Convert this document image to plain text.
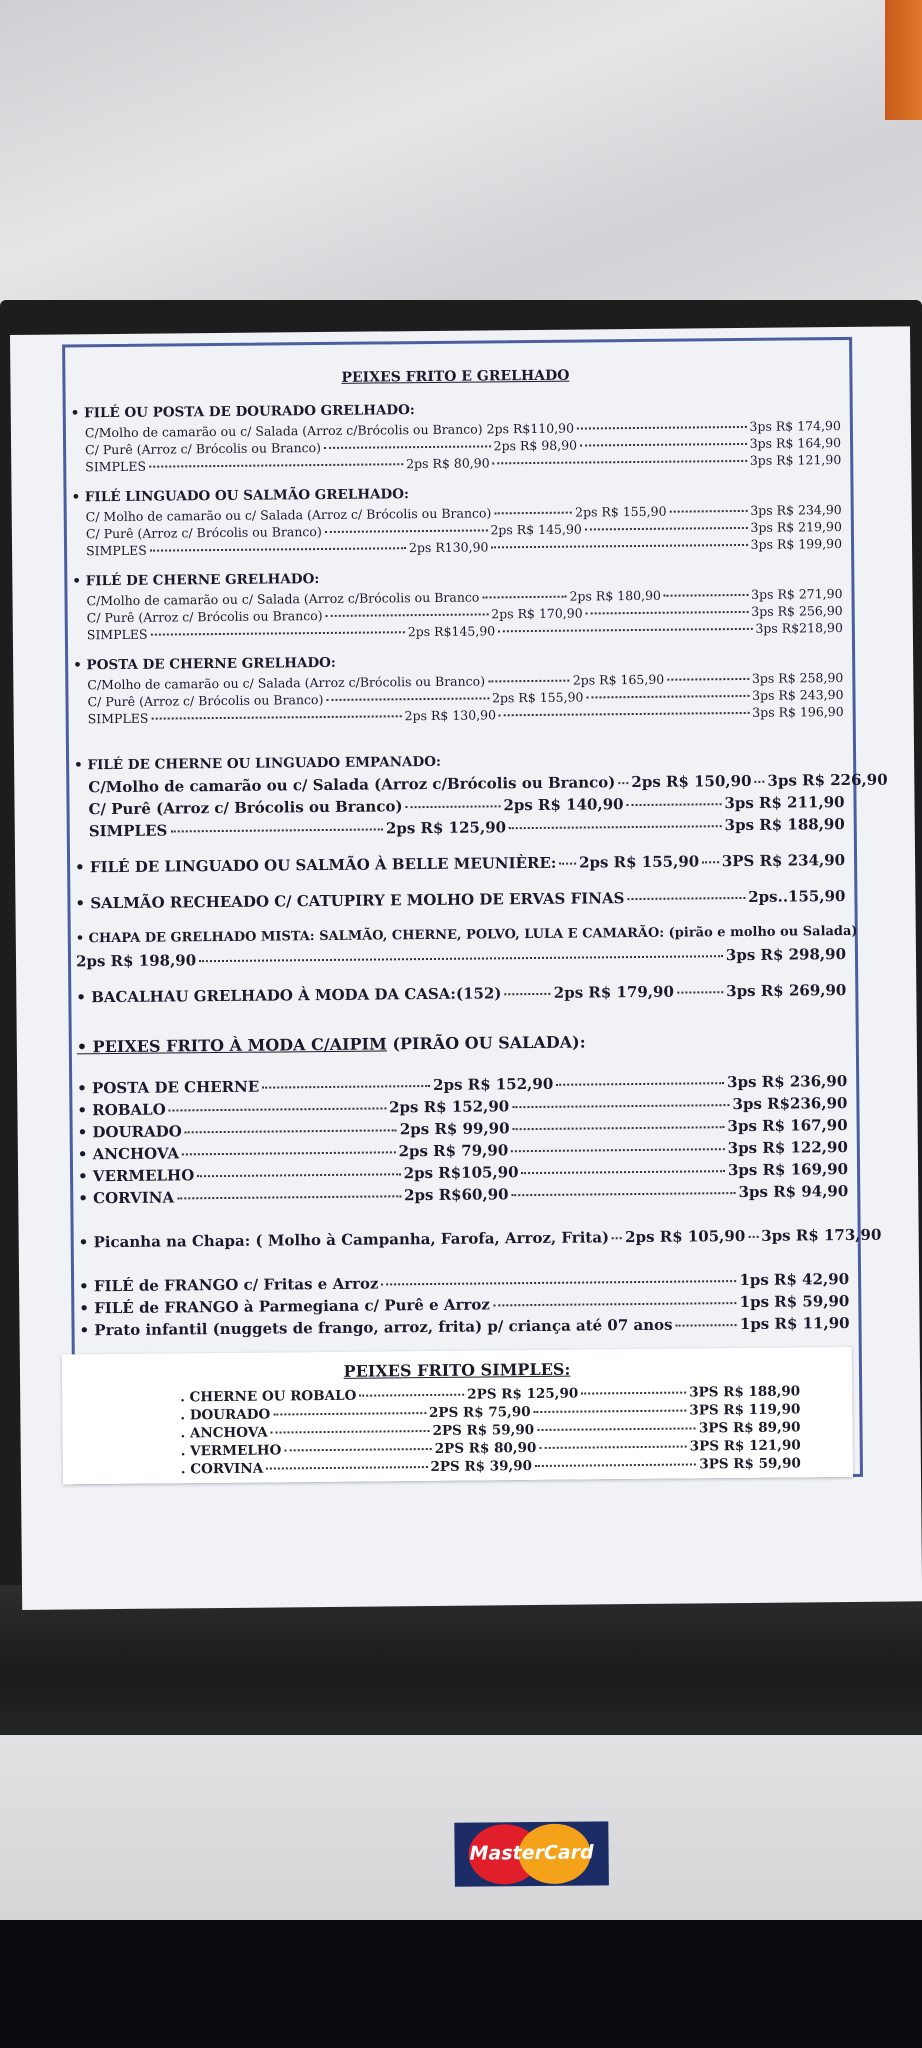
PEIXES FRITO E GRELHADO
• FILÉ OU POSTA DE DOURADO GRELHADO:
C/Molho de camarão ou c/ Salada (Arroz c/Brócolis ou Branco) 2ps R$110,90	3ps R$ 174,90
C/ Purê (Arroz c/ Brócolis ou Branco)	2ps R$ 98,90	3ps R$ 164,90
SIMPLES	2ps R$ 80,90	3ps R$ 121,90
• FILÉ LINGUADO OU SALMÃO GRELHADO:
C/ Molho de camarão ou c/ Salada (Arroz c/ Brócolis ou Branco)	2ps R$ 155,90	3ps R$ 234,90
C/ Purê (Arroz c/ Brócolis ou Branco)	2ps R$ 145,90	3ps R$ 219,90
SIMPLES	2ps R130,90	3ps R$ 199,90
• FILÉ DE CHERNE GRELHADO:
C/Molho de camarão ou c/ Salada (Arroz c/Brócolis ou Branco	2ps R$ 180,90	3ps R$ 271,90
C/ Purê (Arroz c/ Brócolis ou Branco)	2ps R$ 170,90	3ps R$ 256,90
SIMPLES	2ps R$145,90	3ps R$218,90
• POSTA DE CHERNE GRELHADO:
C/Molho de camarão ou c/ Salada (Arroz c/Brócolis ou Branco)	2ps R$ 165,90	3ps R$ 258,90
C/ Purê (Arroz c/ Brócolis ou Branco)	2ps R$ 155,90	3ps R$ 243,90
SIMPLES	2ps R$ 130,90	3ps R$ 196,90
• FILÉ DE CHERNE OU LINGUADO EMPANADO:
C/Molho de camarão ou c/ Salada (Arroz c/Brócolis ou Branco) 2ps R$ 150,90 3ps R$ 226,90
C/ Purê (Arroz c/ Brócolis ou Branco)	2ps R$ 140,90	3ps R$ 211,90
SIMPLES	2ps R$ 125,90	3ps R$ 188,90
• FILÉ DE LINGUADO OU SALMÃO À BELLE MEUNIÈRE: 2ps R$ 155,90 3PS R$ 234,90
• SALMÃO RECHEADO C/ CATUPIRY E MOLHO DE ERVAS FINAS	2ps..155,90
• CHAPA DE GRELHADO MISTA: SALMÃO, CHERNE, POLVO, LULA E CAMARÃO: (pirão e molho ou Salada)
2ps R$ 198,90	3ps R$ 298,90
• BACALHAU GRELHADO À MODA DA CASA:(152)	2ps R$ 179,90	3ps R$ 269,90
• PEIXES FRITO À MODA C/AIPIM (PIRÃO OU SALADA):
• POSTA DE CHERNE	2ps R$ 152,90	3ps R$ 236,90
• ROBALO	2ps R$ 152,90	3ps R$236,90
• DOURADO	2ps R$ 99,90	3ps R$ 167,90
• ANCHOVA	2ps R$ 79,90	3ps R$ 122,90
• VERMELHO	2ps R$105,90	3ps R$ 169,90
• CORVINA	2ps R$60,90	3ps R$ 94,90
• Picanha na Chapa: ( Molho à Campanha, Farofa, Arroz, Frita) 2ps R$ 105,90 3ps R$ 173,90
• FILÉ de FRANGO c/ Fritas e Arroz	1ps R$ 42,90
• FILÉ de FRANGO à Parmegiana c/ Purê e Arroz	1ps R$ 59,90
• Prato infantil (nuggets de frango, arroz, frita) p/ criança até 07 anos	1ps R$ 11,90
PEIXES FRITO SIMPLES:
. CHERNE OU ROBALO	2PS R$ 125,90	3PS R$ 188,90
. DOURADO	2PS R$ 75,90	3PS R$ 119,90
. ANCHOVA	2PS R$ 59,90	3PS R$ 89,90
. VERMELHO	2PS R$ 80,90	3PS R$ 121,90
. CORVINA	2PS R$ 39,90	3PS R$ 59,90
MasterCard
